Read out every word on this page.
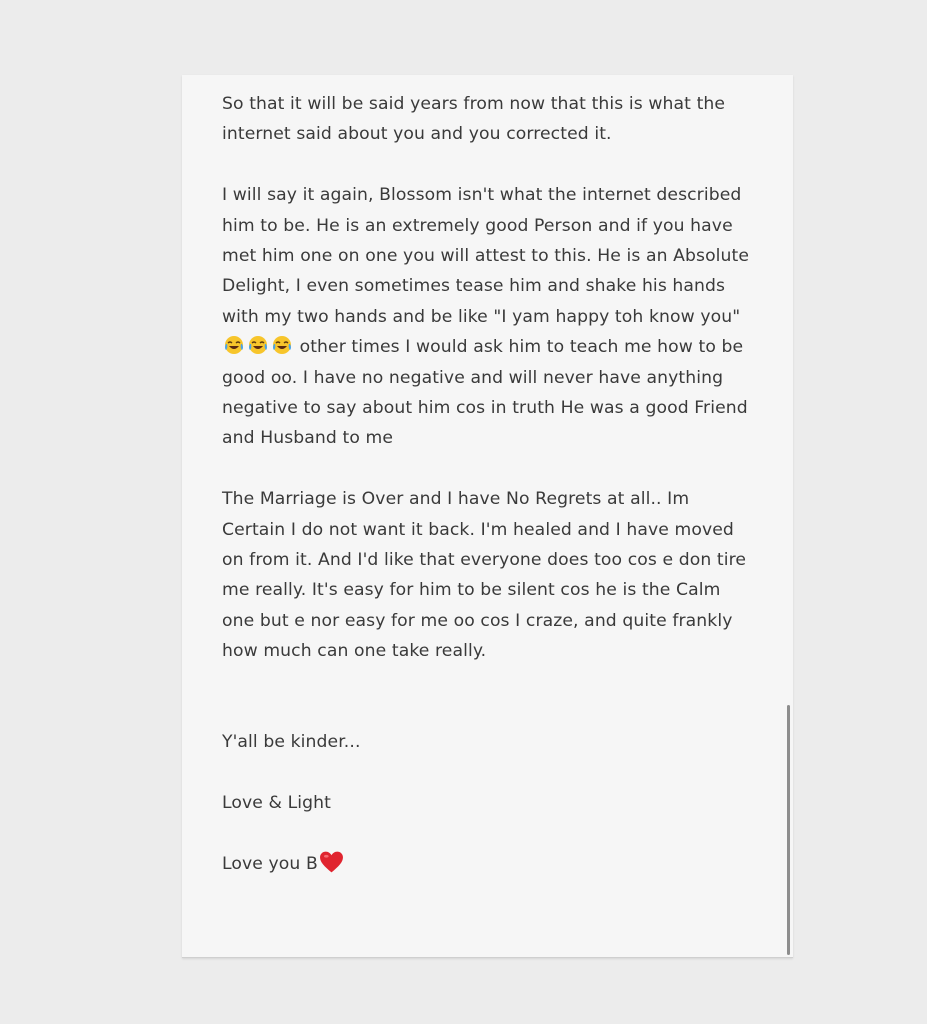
So that it will be said years from now that this is what the internet said about you and you corrected it.

I will say it again, Blossom isn't what the internet described him to be. He is an extremely good Person and if you have met him one on one you will attest to this. He is an Absolute Delight, I even sometimes tease him and shake his hands with my two hands and be like "I yam happy toh know you"  other times I would ask him to teach me how to be good oo. I have no negative and will never have anything negative to say about him cos in truth He was a good Friend and Husband to me

The Marriage is Over and I have No Regrets at all.. Im Certain I do not want it back. I'm healed and I have moved on from it. And I'd like that everyone does too cos e don tire me really. It's easy for him to be silent cos he is the Calm one but e nor easy for me oo cos I craze, and quite frankly how much can one take really.

Y'all be kinder...

Love & Light

Love you B
